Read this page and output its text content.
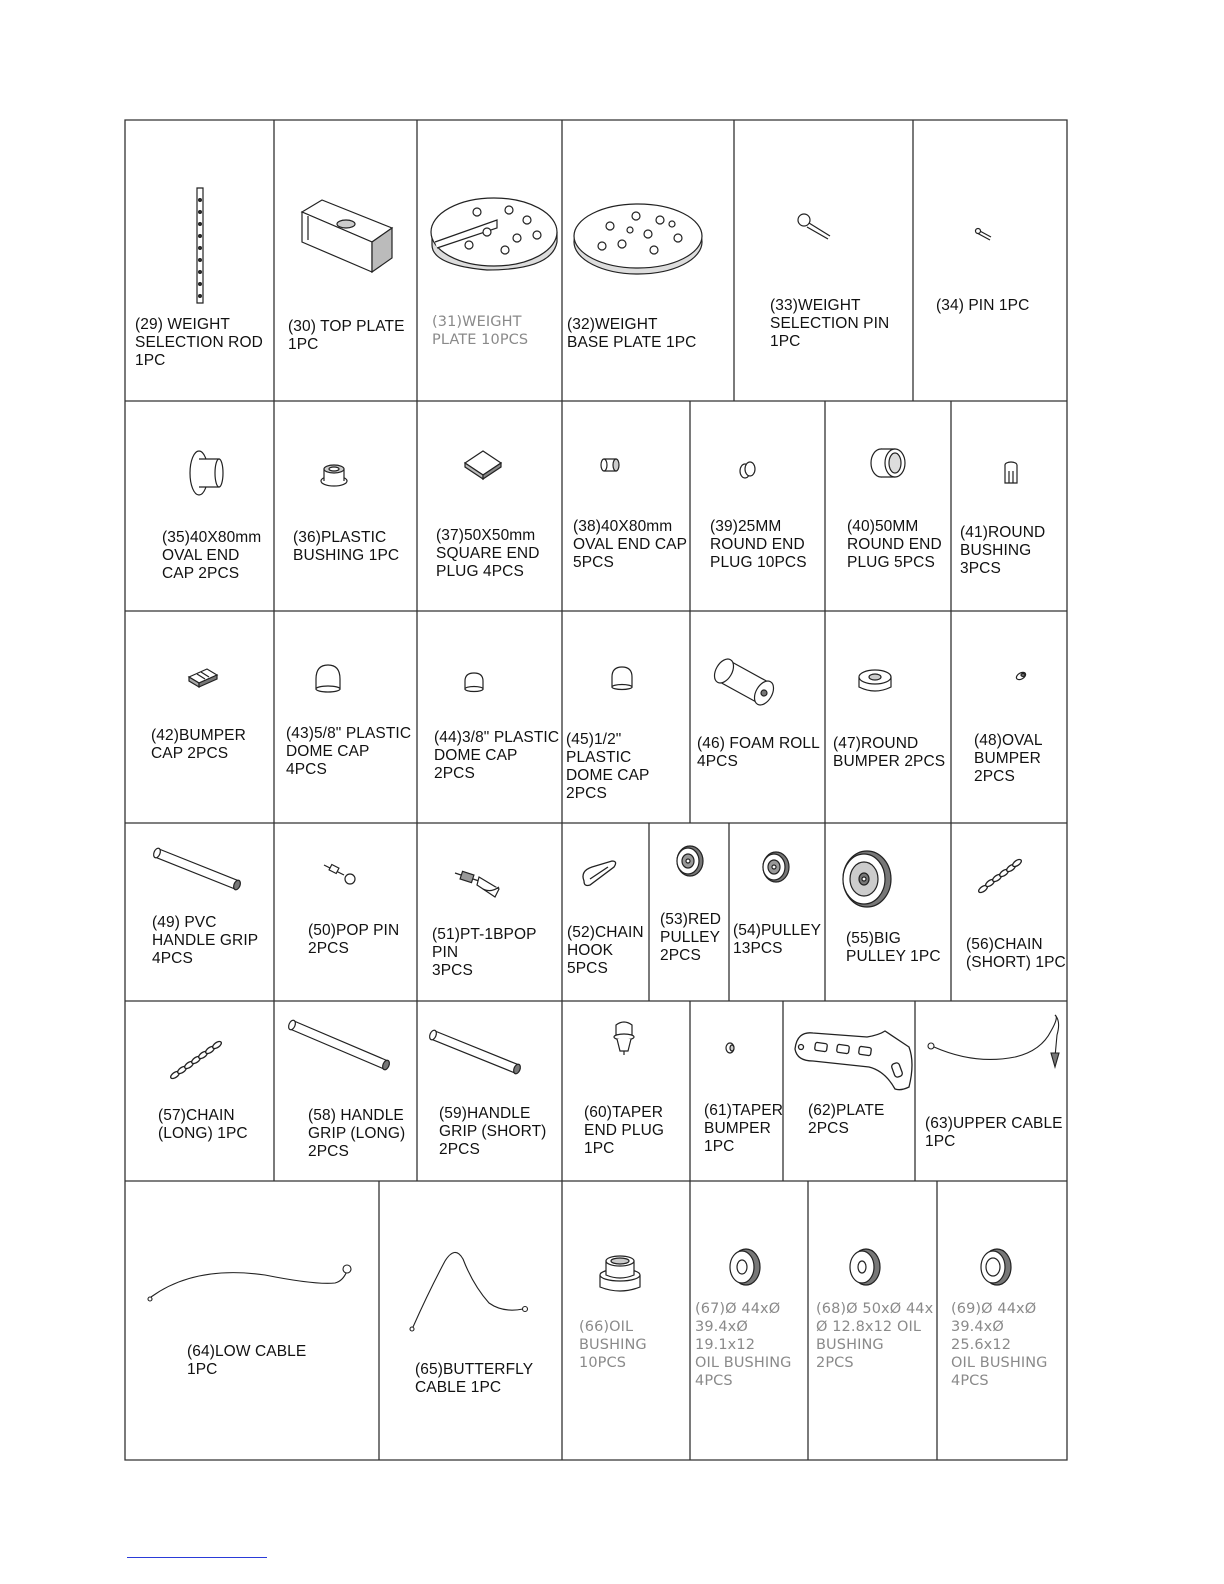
(29) WEIGHT
SELECTION ROD
1PC
(30) TOP PLATE
1PC
(31)WEIGHT
PLATE 10PCS
(32)WEIGHT
BASE PLATE 1PC
(33)WEIGHT
SELECTION PIN
1PC
(34) PIN 1PC
(35)40X80mm
OVAL END
CAP 2PCS
(36)PLASTIC
BUSHING 1PC
(37)50X50mm
SQUARE END
PLUG 4PCS
(38)40X80mm
OVAL END CAP
5PCS
(39)25MM
ROUND END
PLUG 10PCS
(40)50MM
ROUND END
PLUG 5PCS
(41)ROUND
BUSHING
3PCS
(42)BUMPER
CAP 2PCS
(43)5/8" PLASTIC
DOME CAP
4PCS
(44)3/8" PLASTIC
DOME CAP
2PCS
(45)1/2" PLASTIC
DOME CAP
2PCS
(46) FOAM ROLL
4PCS
(47)ROUND
BUMPER 2PCS
(48)OVAL
BUMPER
2PCS
(49) PVC
HANDLE GRIP
4PCS
(50)POP PIN
2PCS
(51)PT-1BPOP PIN
3PCS
(52)CHAIN
HOOK
5PCS
(53)RED
PULLEY
2PCS
(54)PULLEY
13PCS
(55)BIG
PULLEY 1PC
(56)CHAIN
(SHORT) 1PC
(57)CHAIN
(LONG) 1PC
(58) HANDLE
GRIP (LONG)
2PCS
(59)HANDLE
GRIP (SHORT)
2PCS
(60)TAPER
END PLUG
1PC
(61)TAPER
BUMPER
1PC
(62)PLATE
2PCS	(63)UPPER CABLE
1PC
(64)LOW CABLE
1PC	(65)BUTTERFLY
CABLE 1PC
(66)OIL
BUSHING
10PCS
(67)Ø 44xØ
39.4xØ 19.1x12
OIL BUSHING
4PCS
(68)Ø 50xØ 44x
Ø 12.8x12 OIL
BUSHING
2PCS
(69)Ø 44xØ
39.4xØ 25.6x12
OIL BUSHING
4PCS
